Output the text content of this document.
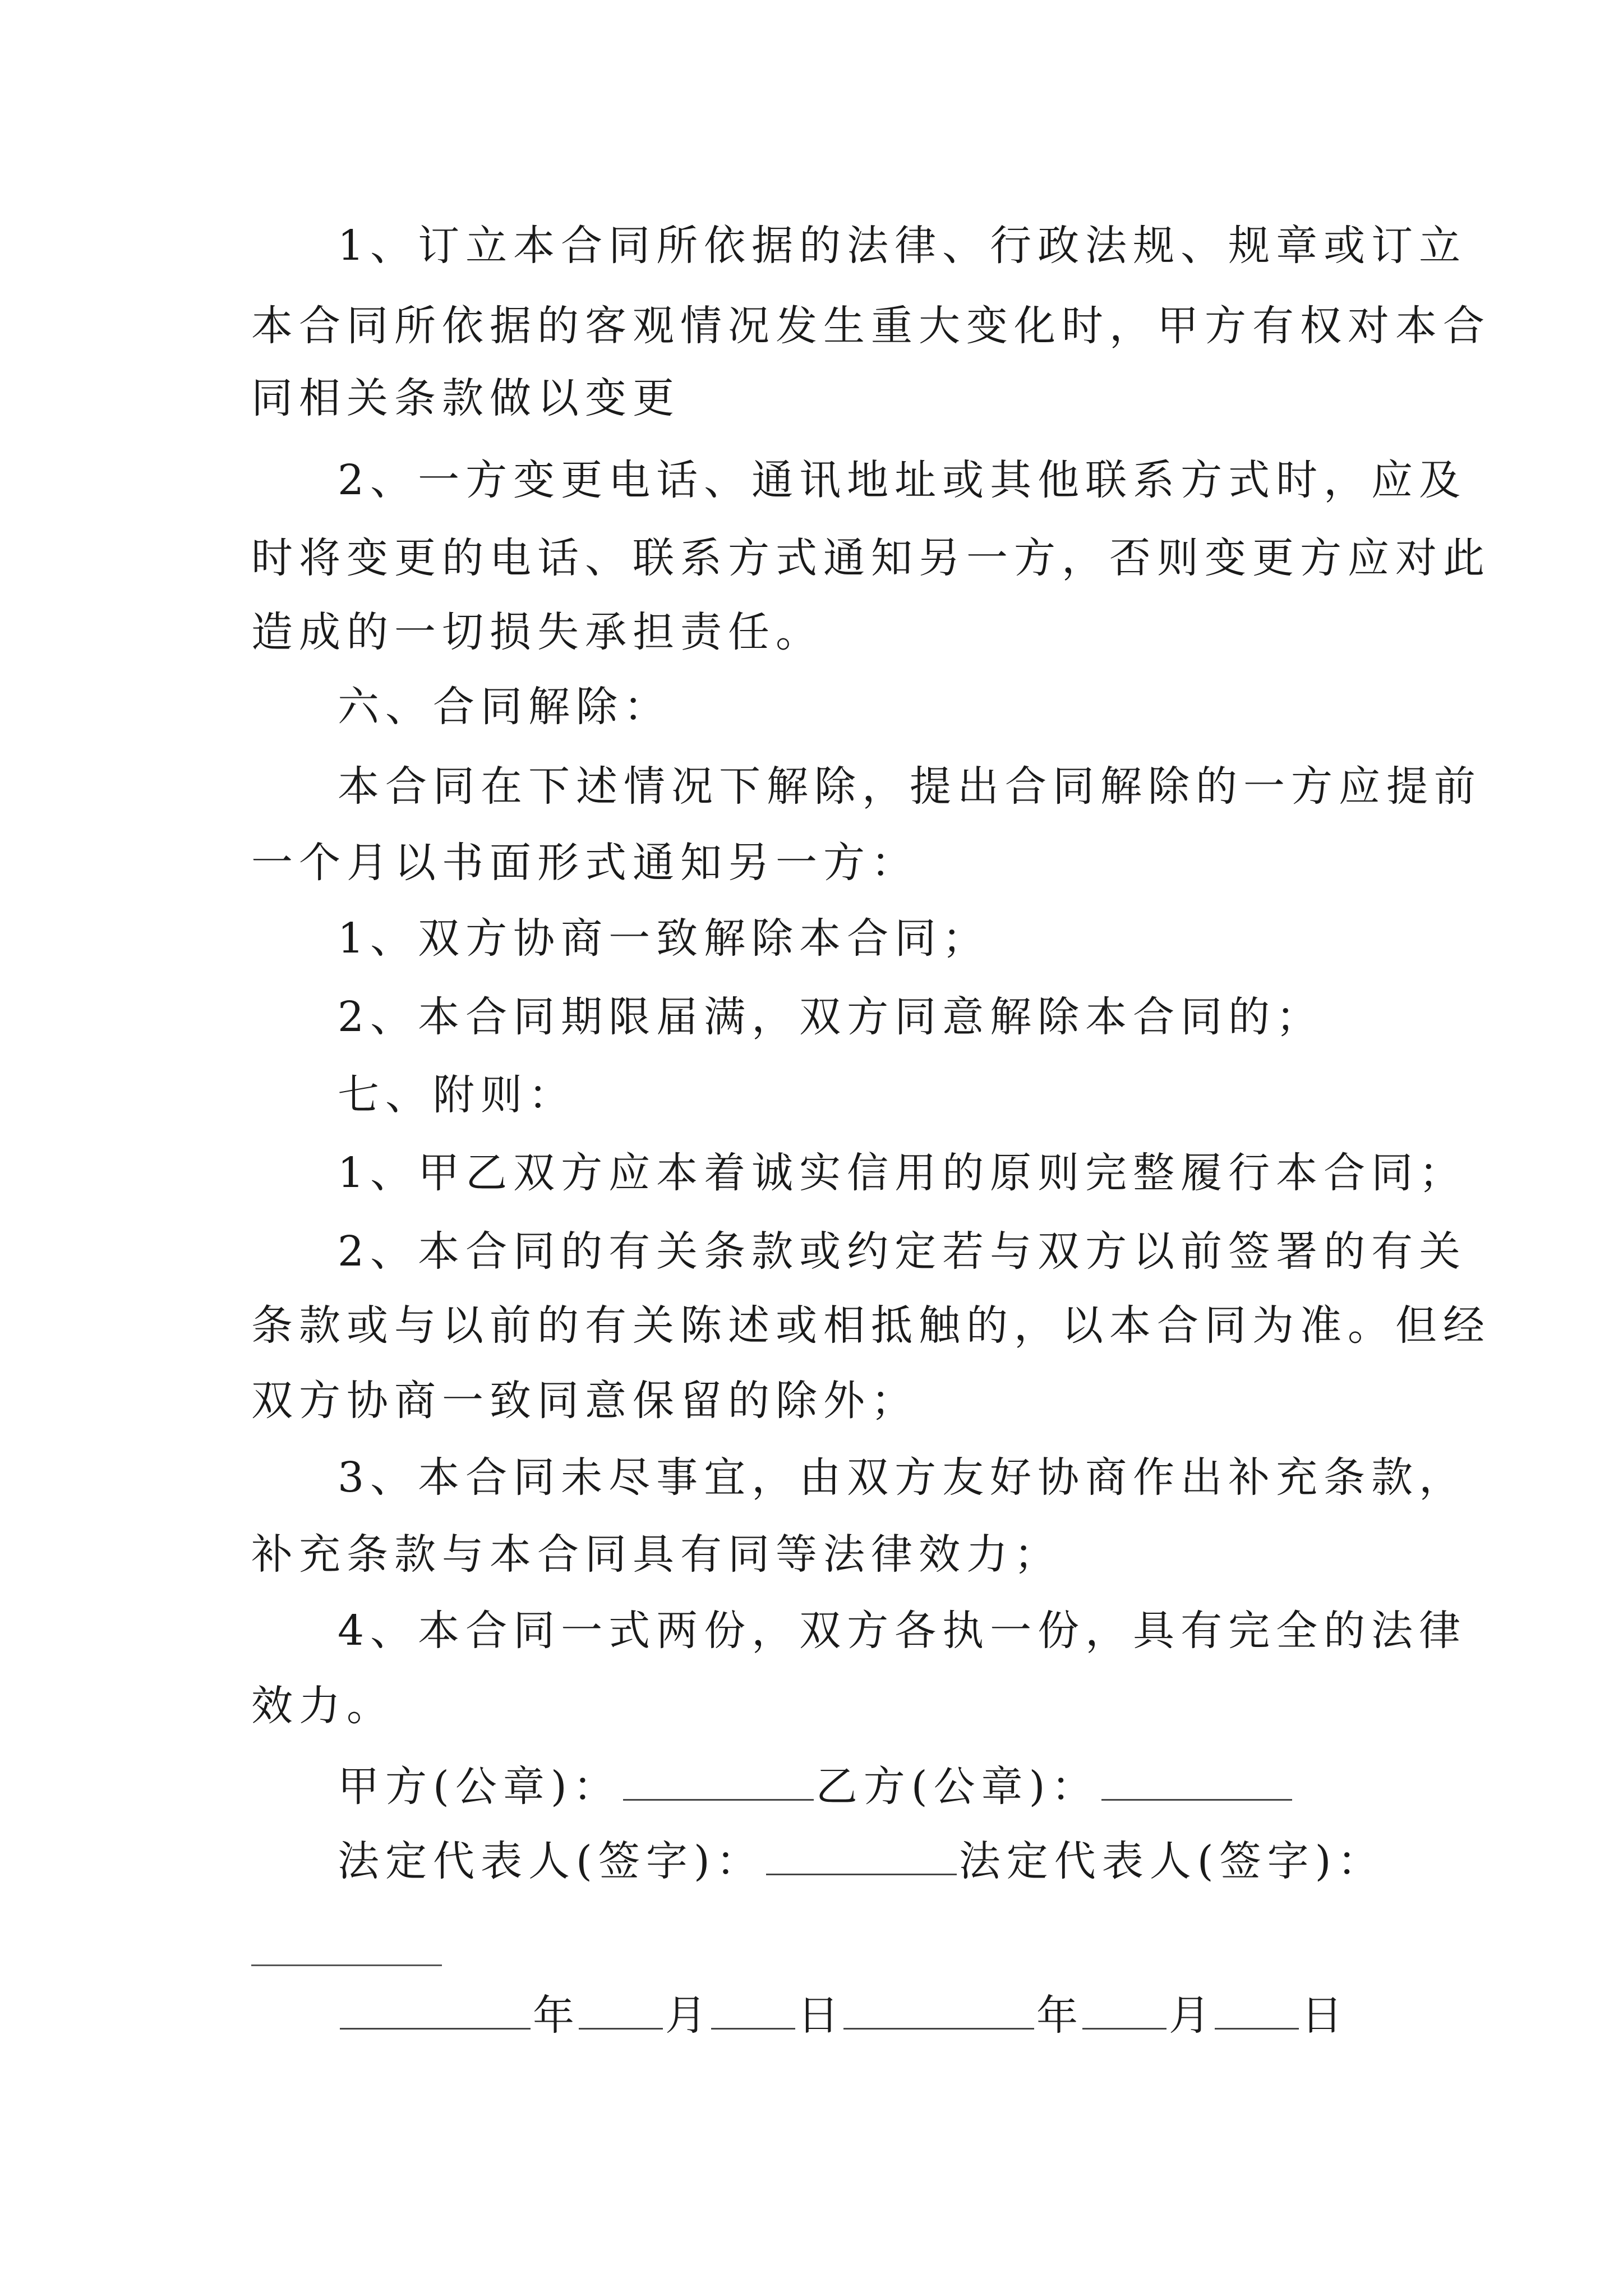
1、订立本合同所依据的法律、行政法规、规章或订立
本合同所依据的客观情况发生重大变化时，甲方有权对本合
同相关条款做以变更
2、一方变更电话、通讯地址或其他联系方式时，应及
时将变更的电话、联系方式通知另一方，否则变更方应对此
造成的一切损失承担责任。
六、合同解除：
本合同在下述情况下解除，提出合同解除的一方应提前
一个月以书面形式通知另一方：
1、双方协商一致解除本合同；
2、本合同期限届满，双方同意解除本合同的；
七、附则：
1、甲乙双方应本着诚实信用的原则完整履行本合同；
2、本合同的有关条款或约定若与双方以前签署的有关
条款或与以前的有关陈述或相抵触的，以本合同为准。但经
双方协商一致同意保留的除外；
3、本合同未尽事宜，由双方友好协商作出补充条款，
补充条款与本合同具有同等法律效力；
4、本合同一式两份，双方各执一份，具有完全的法律
效力。
甲方(公章)：	乙方(公章)：
法定代表人(签字)：	法定代表人(签字)：
年 月 日	年 月 日
